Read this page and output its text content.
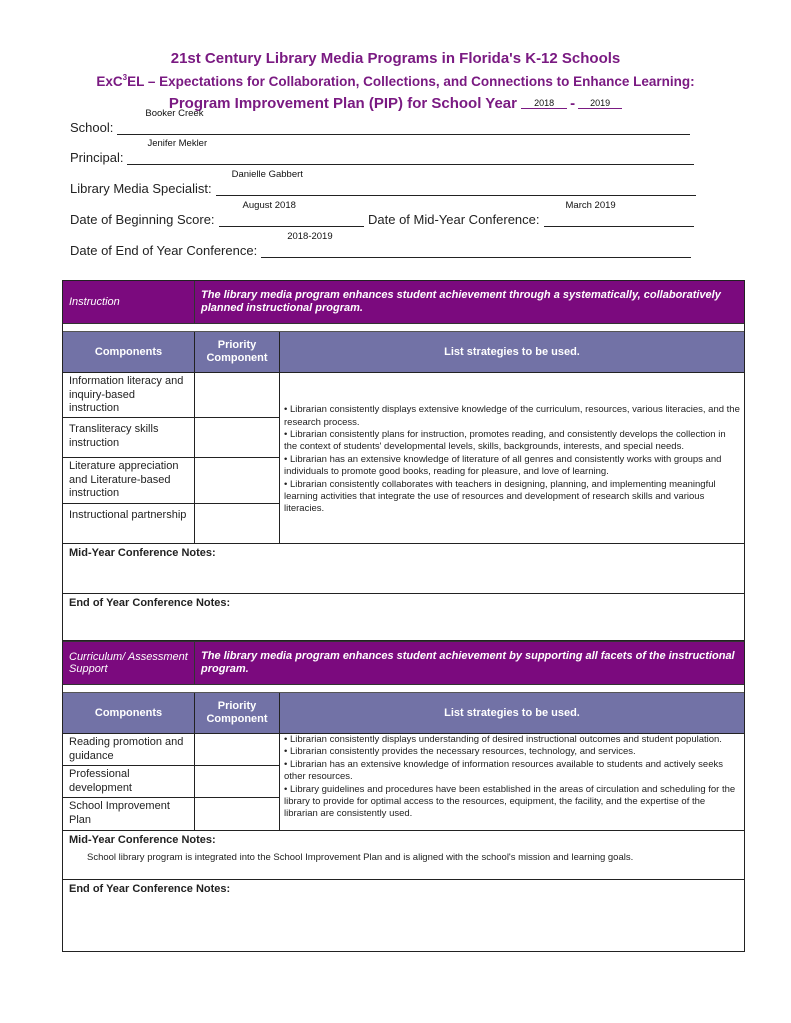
21st Century Library Media Programs in Florida's K-12 Schools
ExC$^3$EL – Expectations for Collaboration, Collections, and Connections to Enhance Learning:
Program Improvement Plan (PIP) for School Year 2018 - 2019
School:
Booker Creek
Principal:
Jenifer Mekler
Library Media Specialist:
Danielle Gabbert
Date of Beginning Score:
August 2018
Date of Mid-Year Conference:
March 2019
Date of End of Year Conference:
2018-2019
Instruction
The library media program enhances student achievement through a systematically, collaboratively planned instructional program.
Components
Priority Component
List strategies to be used.
Information literacy and inquiry-based instruction
Transliteracy skills instruction
Literature appreciation and Literature-based instruction
Instructional partnership
• Librarian consistently displays extensive knowledge of the curriculum, resources, various literacies, and the research process.
• Librarian consistently plans for instruction, promotes reading, and consistently develops the collection in the context of students' developmental levels, skills, backgrounds, interests, and special needs.
• Librarian has an extensive knowledge of literature of all genres and consistently works with groups and individuals to promote good books, reading for pleasure, and love of learning.
• Librarian consistently collaborates with teachers in designing, planning, and implementing meaningful learning activities that integrate the use of resources and development of research skills and various literacies.
Mid-Year Conference Notes:
End of Year Conference Notes:
Curriculum/ Assessment Support
The library media program enhances student achievement by supporting all facets of the instructional program.
Components
Priority Component
List strategies to be used.
Reading promotion and guidance
Professional development
School Improvement Plan
• Librarian consistently displays understanding of desired instructional outcomes and student population.
• Librarian consistently provides the necessary resources, technology, and services.
• Librarian has an extensive knowledge of information resources available to students and actively seeks other resources.
• Library guidelines and procedures have been established in the areas of circulation and scheduling for the library to provide for optimal access to the resources, equipment, the facility, and the expertise of the librarian are consistently used.
Mid-Year Conference Notes:
School library program is integrated into the School Improvement Plan and is aligned with the school's mission and learning goals.
End of Year Conference Notes:
